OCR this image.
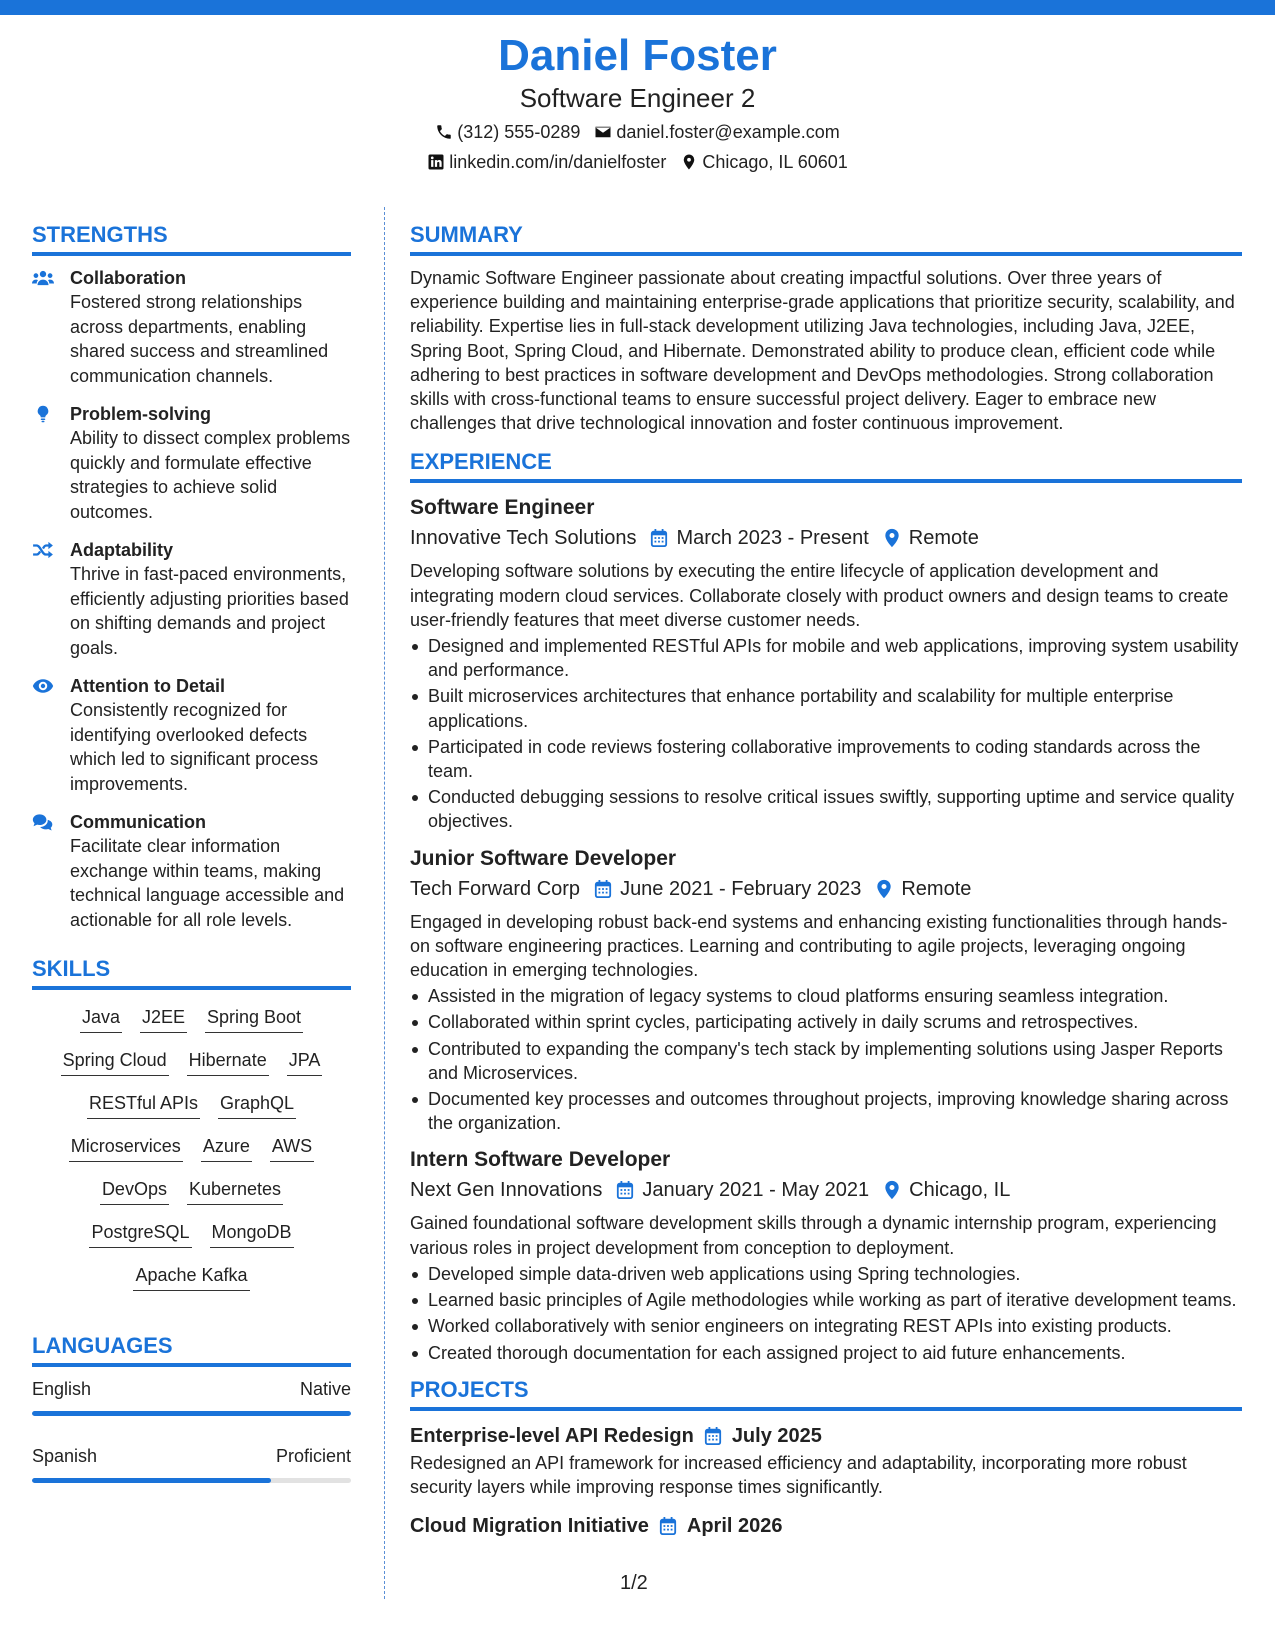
Daniel Foster
Software Engineer 2
(312) 555-0289 daniel.foster@example.com
linkedin.com/in/danielfoster Chicago, IL 60601
STRENGTHS
Collaboration
Fostered strong relationships across departments, enabling shared success and streamlined communication channels.
Problem-solving
Ability to dissect complex problems quickly and formulate effective strategies to achieve solid outcomes.
Adaptability
Thrive in fast-paced environments, efficiently adjusting priorities based on shifting demands and project goals.
Attention to Detail
Consistently recognized for identifying overlooked defects which led to significant process improvements.
Communication
Facilitate clear information exchange within teams, making technical language accessible and actionable for all role levels.
SKILLS
Java J2EE Spring Boot
Spring Cloud Hibernate JPA
RESTful APIs GraphQL
Microservices Azure AWS
DevOps Kubernetes
PostgreSQL MongoDB
Apache Kafka
LANGUAGES
English	Native
Spanish	Proficient
SUMMARY
Dynamic Software Engineer passionate about creating impactful solutions. Over three years of experience building and maintaining enterprise-grade applications that prioritize security, scalability, and reliability. Expertise lies in full-stack development utilizing Java technologies, including Java, J2EE, Spring Boot, Spring Cloud, and Hibernate. Demonstrated ability to produce clean, efficient code while adhering to best practices in software development and DevOps methodologies. Strong collaboration skills with cross-functional teams to ensure successful project delivery. Eager to embrace new challenges that drive technological innovation and foster continuous improvement.
EXPERIENCE
Software Engineer
Innovative Tech Solutions March 2023 - Present Remote
Developing software solutions by executing the entire lifecycle of application development and integrating modern cloud services. Collaborate closely with product owners and design teams to create user-friendly features that meet diverse customer needs.
Designed and implemented RESTful APIs for mobile and web applications, improving system usability and performance.
Built microservices architectures that enhance portability and scalability for multiple enterprise applications.
Participated in code reviews fostering collaborative improvements to coding standards across the team.
Conducted debugging sessions to resolve critical issues swiftly, supporting uptime and service quality objectives.
Junior Software Developer
Tech Forward Corp June 2021 - February 2023 Remote
Engaged in developing robust back-end systems and enhancing existing functionalities through hands-on software engineering practices. Learning and contributing to agile projects, leveraging ongoing education in emerging technologies.
Assisted in the migration of legacy systems to cloud platforms ensuring seamless integration.
Collaborated within sprint cycles, participating actively in daily scrums and retrospectives.
Contributed to expanding the company's tech stack by implementing solutions using Jasper Reports and Microservices.
Documented key processes and outcomes throughout projects, improving knowledge sharing across the organization.
Intern Software Developer
Next Gen Innovations January 2021 - May 2021 Chicago, IL
Gained foundational software development skills through a dynamic internship program, experiencing various roles in project development from conception to deployment.
Developed simple data-driven web applications using Spring technologies.
Learned basic principles of Agile methodologies while working as part of iterative development teams.
Worked collaboratively with senior engineers on integrating REST APIs into existing products.
Created thorough documentation for each assigned project to aid future enhancements.
PROJECTS
Enterprise-level API Redesign July 2025
Redesigned an API framework for increased efficiency and adaptability, incorporating more robust security layers while improving response times significantly.
Cloud Migration Initiative April 2026
1/2
